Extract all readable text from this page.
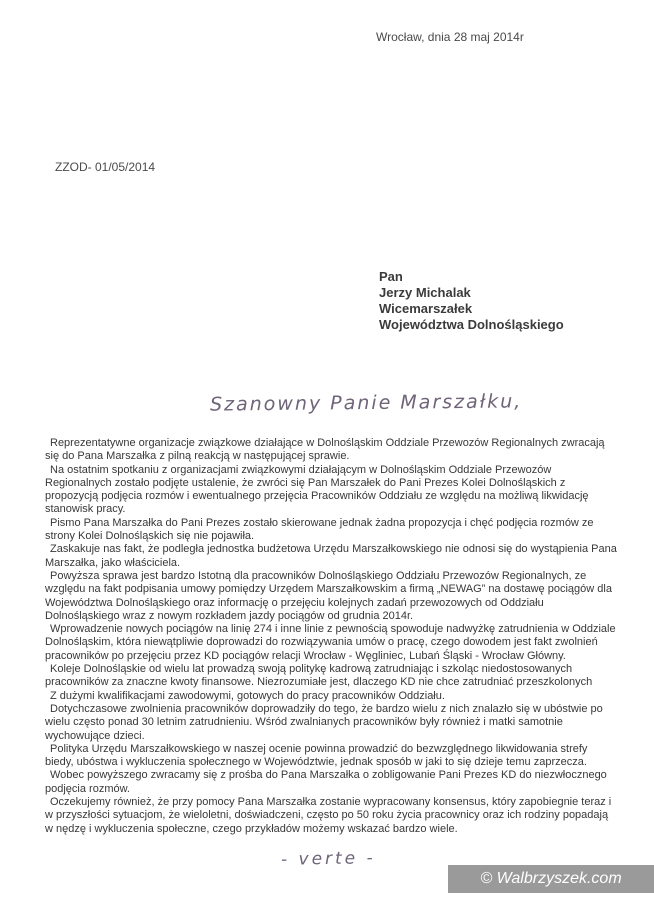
Wrocław, dnia 28 maj 2014r
ZZOD- 01/05/2014
Pan
Jerzy Michalak
Wicemarszałek
Województwa Dolnośląskiego
Szanowny Panie Marszałku,

Reprezentatywne organizacje związkowe działające w Dolnośląskim Oddziale Przewozów Regionalnych zwracają się do Pana Marszałka z pilną reakcją w następującej sprawie.

Na ostatnim spotkaniu z organizacjami związkowymi działającym w Dolnośląskim Oddziale Przewozów Regionalnych zostało podjęte ustalenie, że zwróci się Pan Marszałek do Pani Prezes Kolei Dolnośląskich z propozycją podjęcia rozmów i ewentualnego przejęcia Pracowników Oddziału ze względu na możliwą likwidację stanowisk pracy.

Pismo Pana Marszałka do Pani Prezes zostało skierowane jednak żadna propozycja i chęć podjęcia rozmów ze strony Kolei Dolnośląskich się nie pojawiła.

Zaskakuje nas fakt, że podległa jednostka budżetowa Urzędu Marszałkowskiego nie odnosi się do wystąpienia Pana Marszałka, jako właściciela.

Powyższa sprawa jest bardzo Istotną dla pracowników Dolnośląskiego Oddziału Przewozów Regionalnych, ze względu na fakt podpisania umowy pomiędzy Urzędem Marszałkowskim a firmą „NEWAG” na dostawę pociągów dla Województwa Dolnośląskiego oraz informację o przejęciu kolejnych zadań przewozowych od Oddziału Dolnośląskiego wraz z nowym rozkładem jazdy pociągów od grudnia 2014r.

Wprowadzenie nowych pociągów na linię 274 i inne linie z pewnością spowoduje nadwyżkę zatrudnienia w Oddziale Dolnośląskim, która niewątpliwie doprowadzi do rozwiązywania umów o pracę, czego dowodem jest fakt zwolnień pracowników po przejęciu przez KD pociągów relacji Wrocław - Węgliniec, Lubań Śląski - Wrocław Główny.

Koleje Dolnośląskie od wielu lat prowadzą swoją politykę kadrową zatrudniając i szkoląc niedostosowanych pracowników za znaczne kwoty finansowe. Niezrozumiałe jest, dlaczego KD nie chce zatrudniać przeszkolonych

Z dużymi kwalifikacjami zawodowymi, gotowych do pracy pracowników Oddziału.

Dotychczasowe zwolnienia pracowników doprowadziły do tego, że bardzo wielu z nich znalazło się w ubóstwie po wielu często ponad 30 letnim zatrudnieniu. Wśród zwalnianych pracowników były również i matki samotnie wychowujące dzieci.

Polityka Urzędu Marszałkowskiego w naszej ocenie powinna prowadzić do bezwzględnego likwidowania strefy biedy, ubóstwa i wykluczenia społecznego w Województwie, jednak sposób w jaki to się dzieje temu zaprzecza.

Wobec powyższego zwracamy się z prośba do Pana Marszałka o zobligowanie Pani Prezes KD do niezwłocznego podjęcia rozmów.

Oczekujemy również, że przy pomocy Pana Marszałka zostanie wypracowany konsensus, który zapobiegnie teraz i w przyszłości sytuacjom, że wieloletni, doświadczeni, często po 50 roku życia pracownicy oraz ich rodziny popadają w nędzę i wykluczenia społeczne, czego przykładów możemy wskazać bardzo wiele.

- verte -
© Walbrzyszek.com
